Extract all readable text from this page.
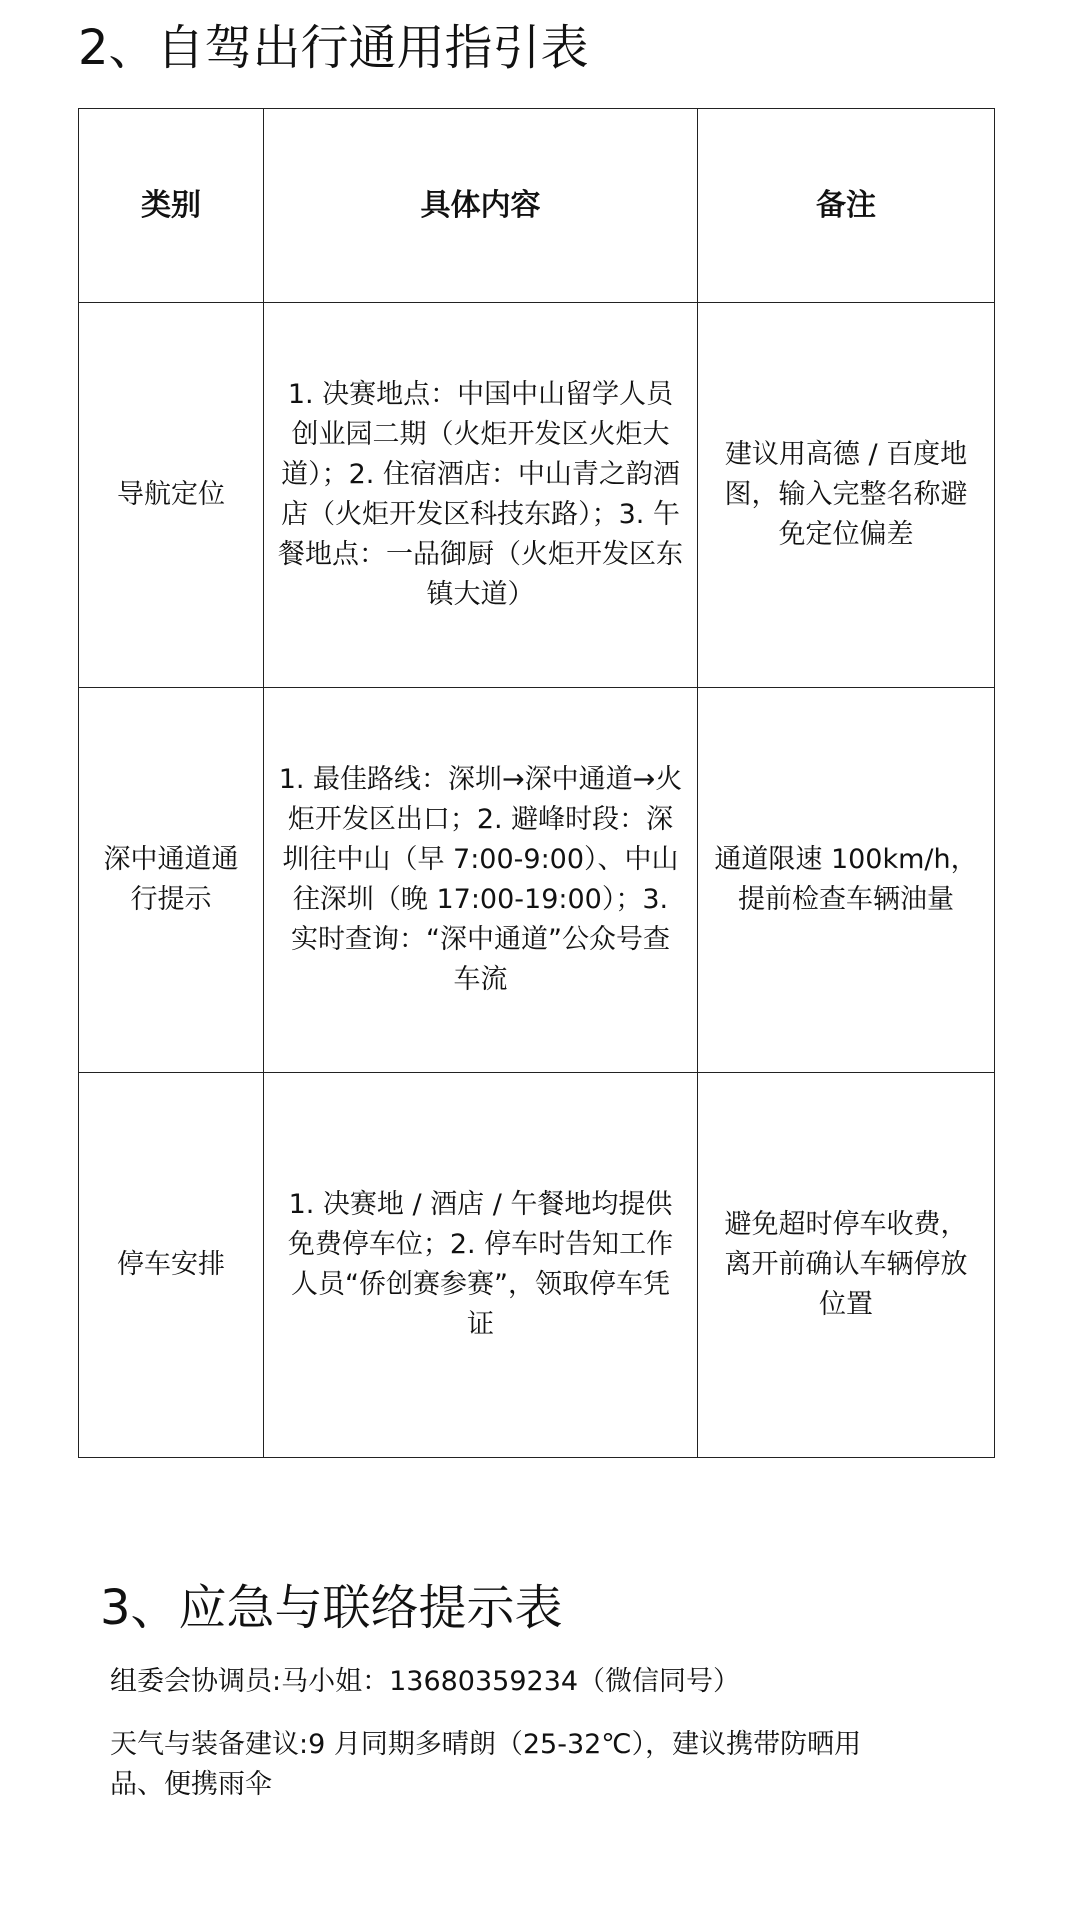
2、自驾出行通用指引表
类别	具体内容	备注
导航定位	1. 决赛地点：中国中山留学人员创业园二期（火炬开发区火炬大道）；2. 住宿酒店：中山青之韵酒店（火炬开发区科技东路）；3. 午餐地点：一品御厨（火炬开发区东镇大道）	建议用高德 / 百度地图，输入完整名称避免定位偏差
深中通道通行提示	1. 最佳路线：深圳→深中通道→火炬开发区出口；2. 避峰时段：深圳往中山（早 7:00-9:00）、中山往深圳（晚 17:00-19:00）；3. 实时查询：“深中通道”公众号查车流	通道限速 100km/h，提前检查车辆油量
停车安排	1. 决赛地 / 酒店 / 午餐地均提供免费停车位；2. 停车时告知工作人员“侨创赛参赛”，领取停车凭证	避免超时停车收费，离开前确认车辆停放位置
3、应急与联络提示表

组委会协调员:马小姐：13680359234（微信同号）

天气与装备建议:9 月同期多晴朗（25-32℃），建议携带防晒用品、便携雨伞
